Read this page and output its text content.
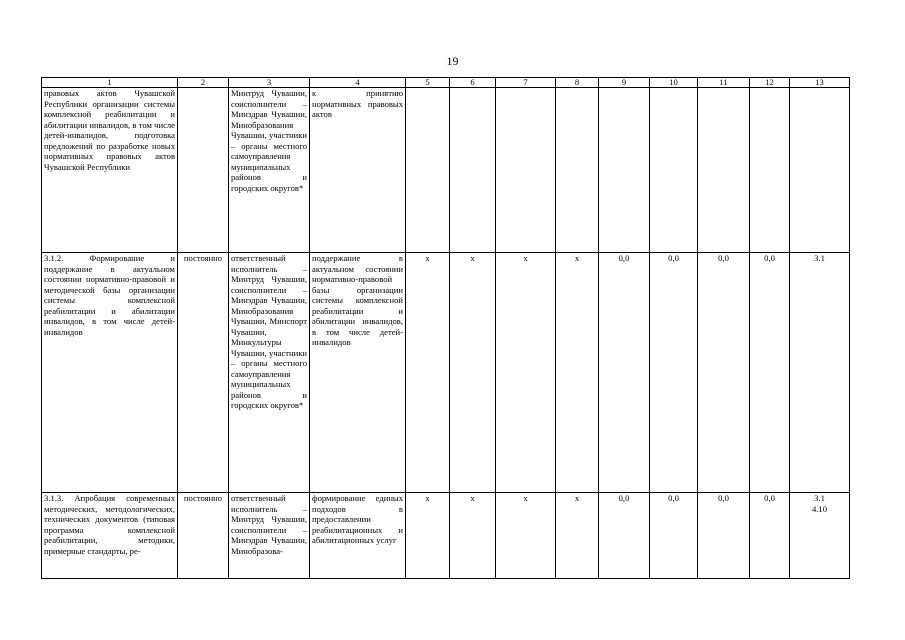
19
1	2	3	4	5	6	7	8	9	10	11	12	13
правовых актов Чувашской Республики организации системы комплексной реабилитации и абилитации инвалидов, в том числе детей-инвалидов, подготовка предложений по разработке новых нормативных правовых актов Чувашской Республики		Минтруд Чувашии, соисполнители – Минздрав Чувашии, Минобразования Чувашии, участники – органы местного самоуправления муниципальных районов и городских округов*	к принятию нормативных правовых актов									
3.1.2. Формирование и поддержание в актуальном состоянии нормативно-правовой и методической базы организации системы комплексной реабилитации и абилитации инвалидов, в том числе детей-инвалидов	постоянно	ответственный исполнитель – Минтруд Чувашии, соисполнители – Минздрав Чувашии, Минобразования Чувашии, Минспорт Чувашии, Минкультуры Чувашии, участники – органы местного самоуправления муниципальных районов и городских округов*	поддержание в актуальном состоянии нормативно-правовой базы организации системы комплексной реабилитации и абилитации инвалидов, в том числе детей-инвалидов	х	х	х	х	0,0	0,0	0,0	0,0	3.1
3.1.3. Апробация современных методических, методологических, технических документов (типовая программа комплексной реабилитации, методики, примерные стандарты, ре-	постоянно	ответственный исполнитель – Минтруд Чувашии, соисполнители – Минздрав Чувашии, Минобразова-	формирование единых подходов в предоставлении реабилитационных и абилитационных услуг	х	х	х	х	0,0	0,0	0,0	0,0	3.1
4.10
